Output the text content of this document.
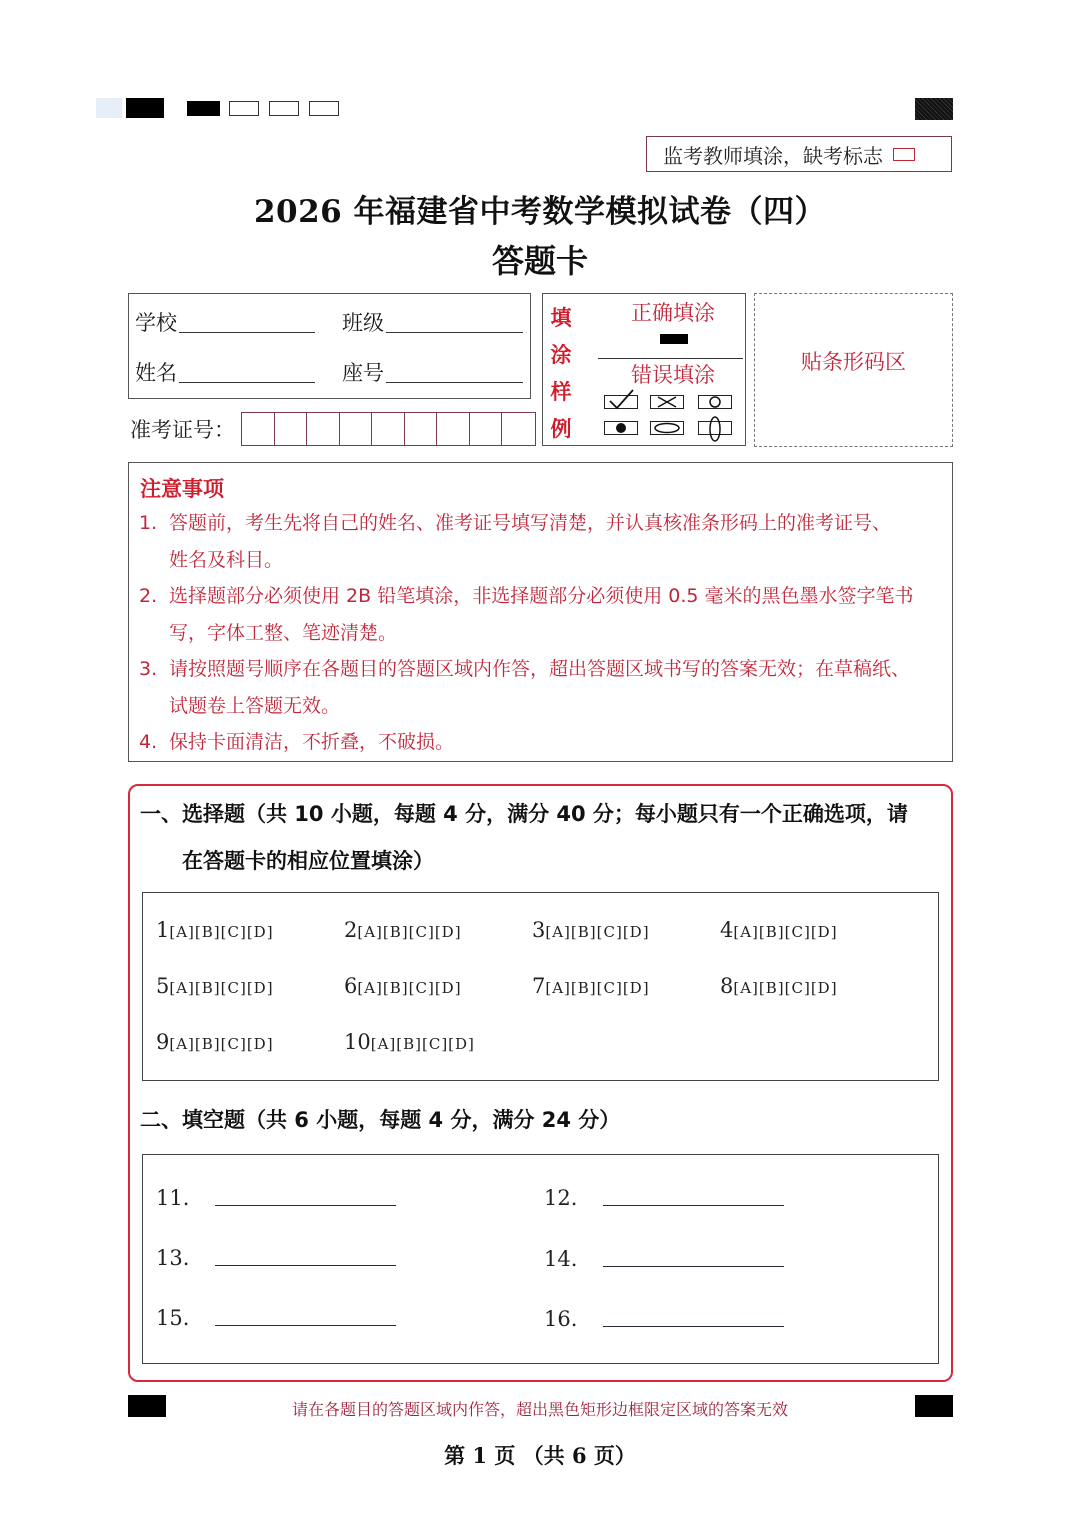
监考教师填涂，缺考标志
2026 年福建省中考数学模拟试卷（四）
答题卡
学校	班级
姓名	座号
准考证号：
填
涂
样
例
正确填涂
错误填涂
贴条形码区
注意事项
1. 答题前，考生先将自己的姓名、准考证号填写清楚，并认真核准条形码上的准考证号、
姓名及科目。
2. 选择题部分必须使用 2B 铅笔填涂，非选择题部分必须使用 0.5 毫米的黑色墨水签字笔书
写，字体工整、笔迹清楚。
3. 请按照题号顺序在各题目的答题区域内作答，超出答题区域书写的答案无效；在草稿纸、
试题卷上答题无效。
4. 保持卡面清洁，不折叠，不破损。
一、选择题（共 10 小题，每题 4 分，满分 40 分；每小题只有一个正确选项，请
在答题卡的相应位置填涂）
1[A][B][C][D]	2[A][B][C][D]	3[A][B][C][D]	4[A][B][C][D]
5[A][B][C][D]	6[A][B][C][D]	7[A][B][C][D]	8[A][B][C][D]
9[A][B][C][D]	10[A][B][C][D]
二、填空题（共 6 小题，每题 4 分，满分 24 分）
11.	12.
13.	14.
15.	16.
请在各题目的答题区域内作答，超出黑色矩形边框限定区域的答案无效
第 1 页 （共 6 页）
